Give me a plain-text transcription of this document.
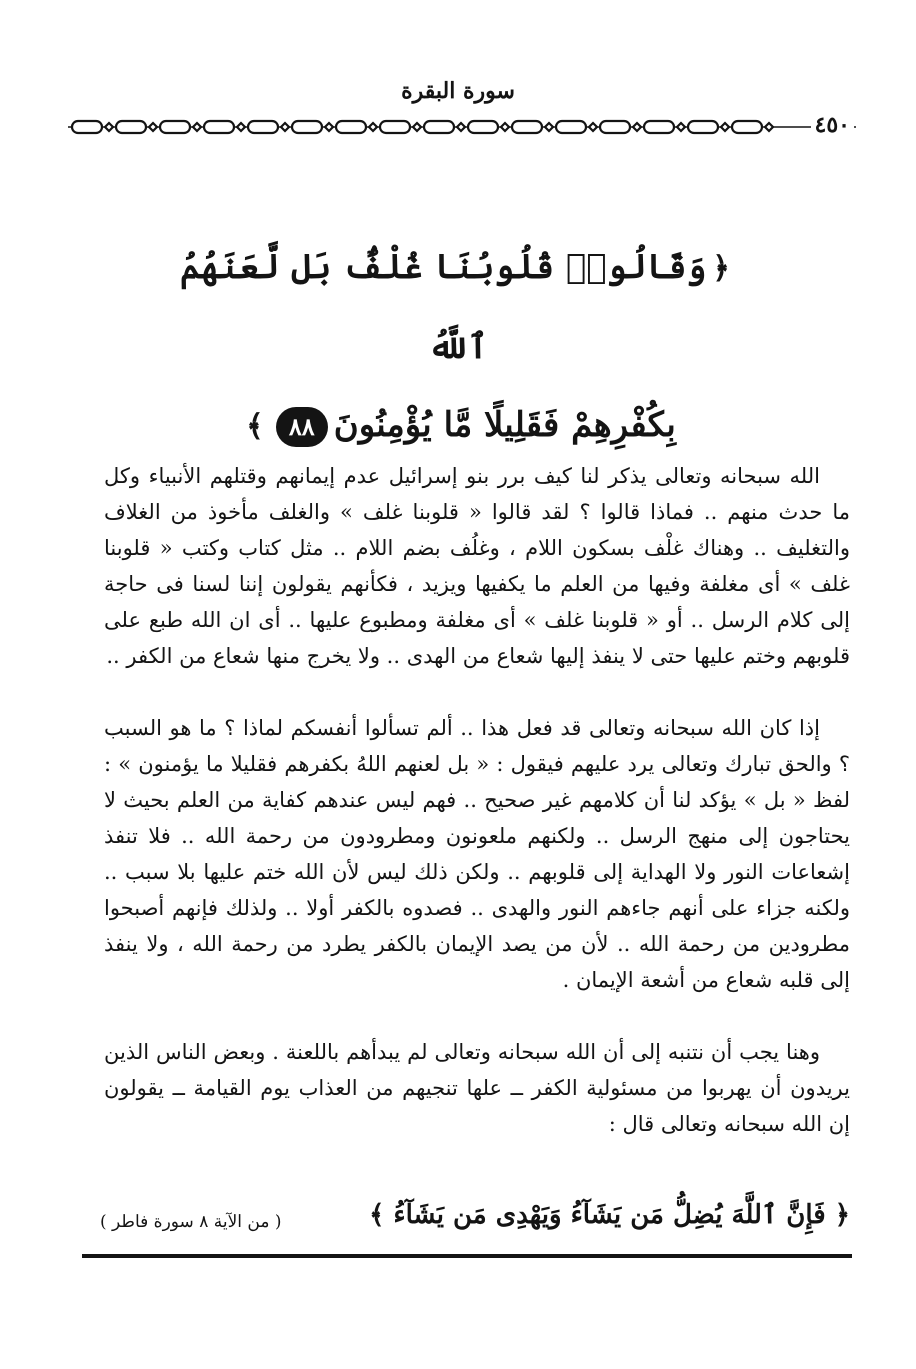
سورة البقرة
٤٥٠
﴿وَقَالُوا۟ قُلُوبُنَا غُلْفٌۢ بَل لَّعَنَهُمُ ٱللَّهُ
بِكُفْرِهِمْ فَقَلِيلًا مَّا يُؤْمِنُونَ٨٨﴾

الله سبحانه وتعالى يذكر لنا كيف برر بنو إسرائيل عدم إيمانهم وقتلهم الأنبياء وكل ما حدث منهم .. فماذا قالوا ؟ لقد قالوا « قلوبنا غلف » والغلف مأخوذ من الغلاف والتغليف .. وهناك غلْف بسكون اللام ، وغلُف بضم اللام .. مثل كتاب وكتب « قلوبنا غلف » أى مغلفة وفيها من العلم ما يكفيها ويزيد ، فكأنهم يقولون إننا لسنا فى حاجة إلى كلام الرسل .. أو « قلوبنا غلف » أى مغلفة ومطبوع عليها .. أى ان الله طبع على قلوبهم وختم عليها حتى لا ينفذ إليها شعاع من الهدى .. ولا يخرج منها شعاع من الكفر ..

إذا كان الله سبحانه وتعالى قد فعل هذا .. ألم تسألوا أنفسكم لماذا ؟ ما هو السبب ؟ والحق تبارك وتعالى يرد عليهم فيقول : « بل لعنهم اللهُ بكفرهم فقليلا ما يؤمنون » : لفظ « بل » يؤكد لنا أن كلامهم غير صحيح .. فهم ليس عندهم كفاية من العلم بحيث لا يحتاجون إلى منهج الرسل .. ولكنهم ملعونون ومطرودون من رحمة الله .. فلا تنفذ إشعاعات النور ولا الهداية إلى قلوبهم .. ولكن ذلك ليس لأن الله ختم عليها بلا سبب .. ولكنه جزاء على أنهم جاءهم النور والهدى .. فصدوه بالكفر أولا .. ولذلك فإنهم أصبحوا مطرودين من رحمة الله .. لأن من يصد الإيمان بالكفر يطرد من رحمة الله ، ولا ينفذ إلى قلبه شعاع من أشعة الإيمان .

وهنا يجب أن نتنبه إلى أن الله سبحانه وتعالى لم يبدأهم باللعنة . وبعض الناس الذين يريدون أن يهربوا من مسئولية الكفر ــ علها تنجيهم من العذاب يوم القيامة ــ يقولون إن الله سبحانه وتعالى قال :

﴿ فَإِنَّ ٱللَّهَ يُضِلُّ مَن يَشَآءُ وَيَهْدِى مَن يَشَآءُ ﴾
( من الآية ٨ سورة فاطر )
